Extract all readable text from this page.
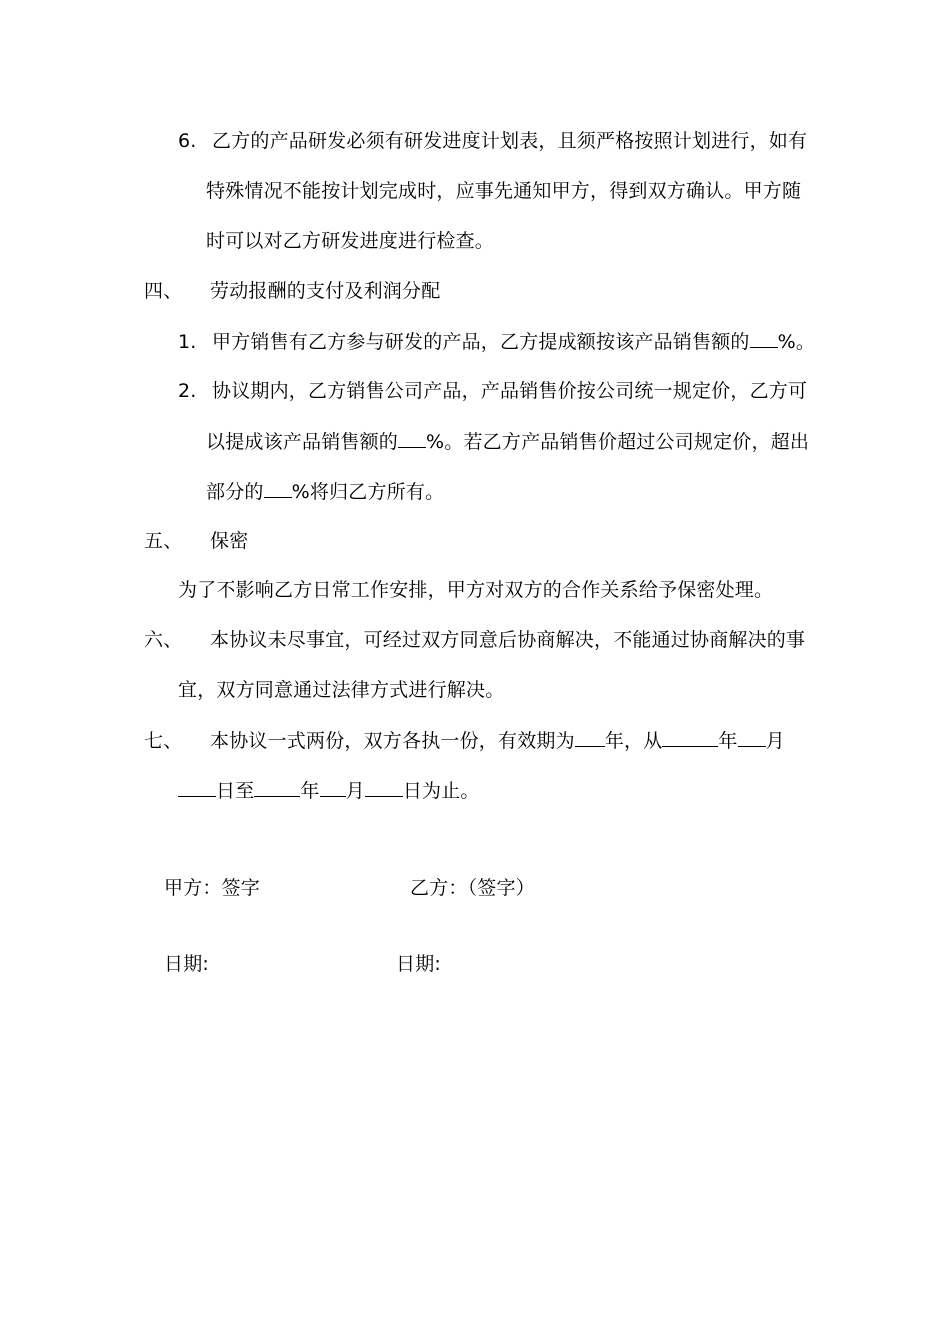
6. 乙方的产品研发必须有研发进度计划表，且须严格按照计划进行，如有
特殊情况不能按计划完成时，应事先通知甲方，得到双方确认。甲方随
时可以对乙方研发进度进行检查。
四、 劳动报酬的支付及利润分配
1. 甲方销售有乙方参与研发的产品，乙方提成额按该产品销售额的 %。
2. 协议期内，乙方销售公司产品，产品销售价按公司统一规定价，乙方可
以提成该产品销售额的 %。若乙方产品销售价超过公司规定价，超出
部分的 %将归乙方所有。
五、 保密
为了不影响乙方日常工作安排，甲方对双方的合作关系给予保密处理。
六、 本协议未尽事宜，可经过双方同意后协商解决，不能通过协商解决的事
宜，双方同意通过法律方式进行解决。
七、 本协议一式两份，双方各执一份，有效期为 年，从	年 月
日至 年 月 日为止。
甲方：签字	乙方：（签字）
日期:	日期:
